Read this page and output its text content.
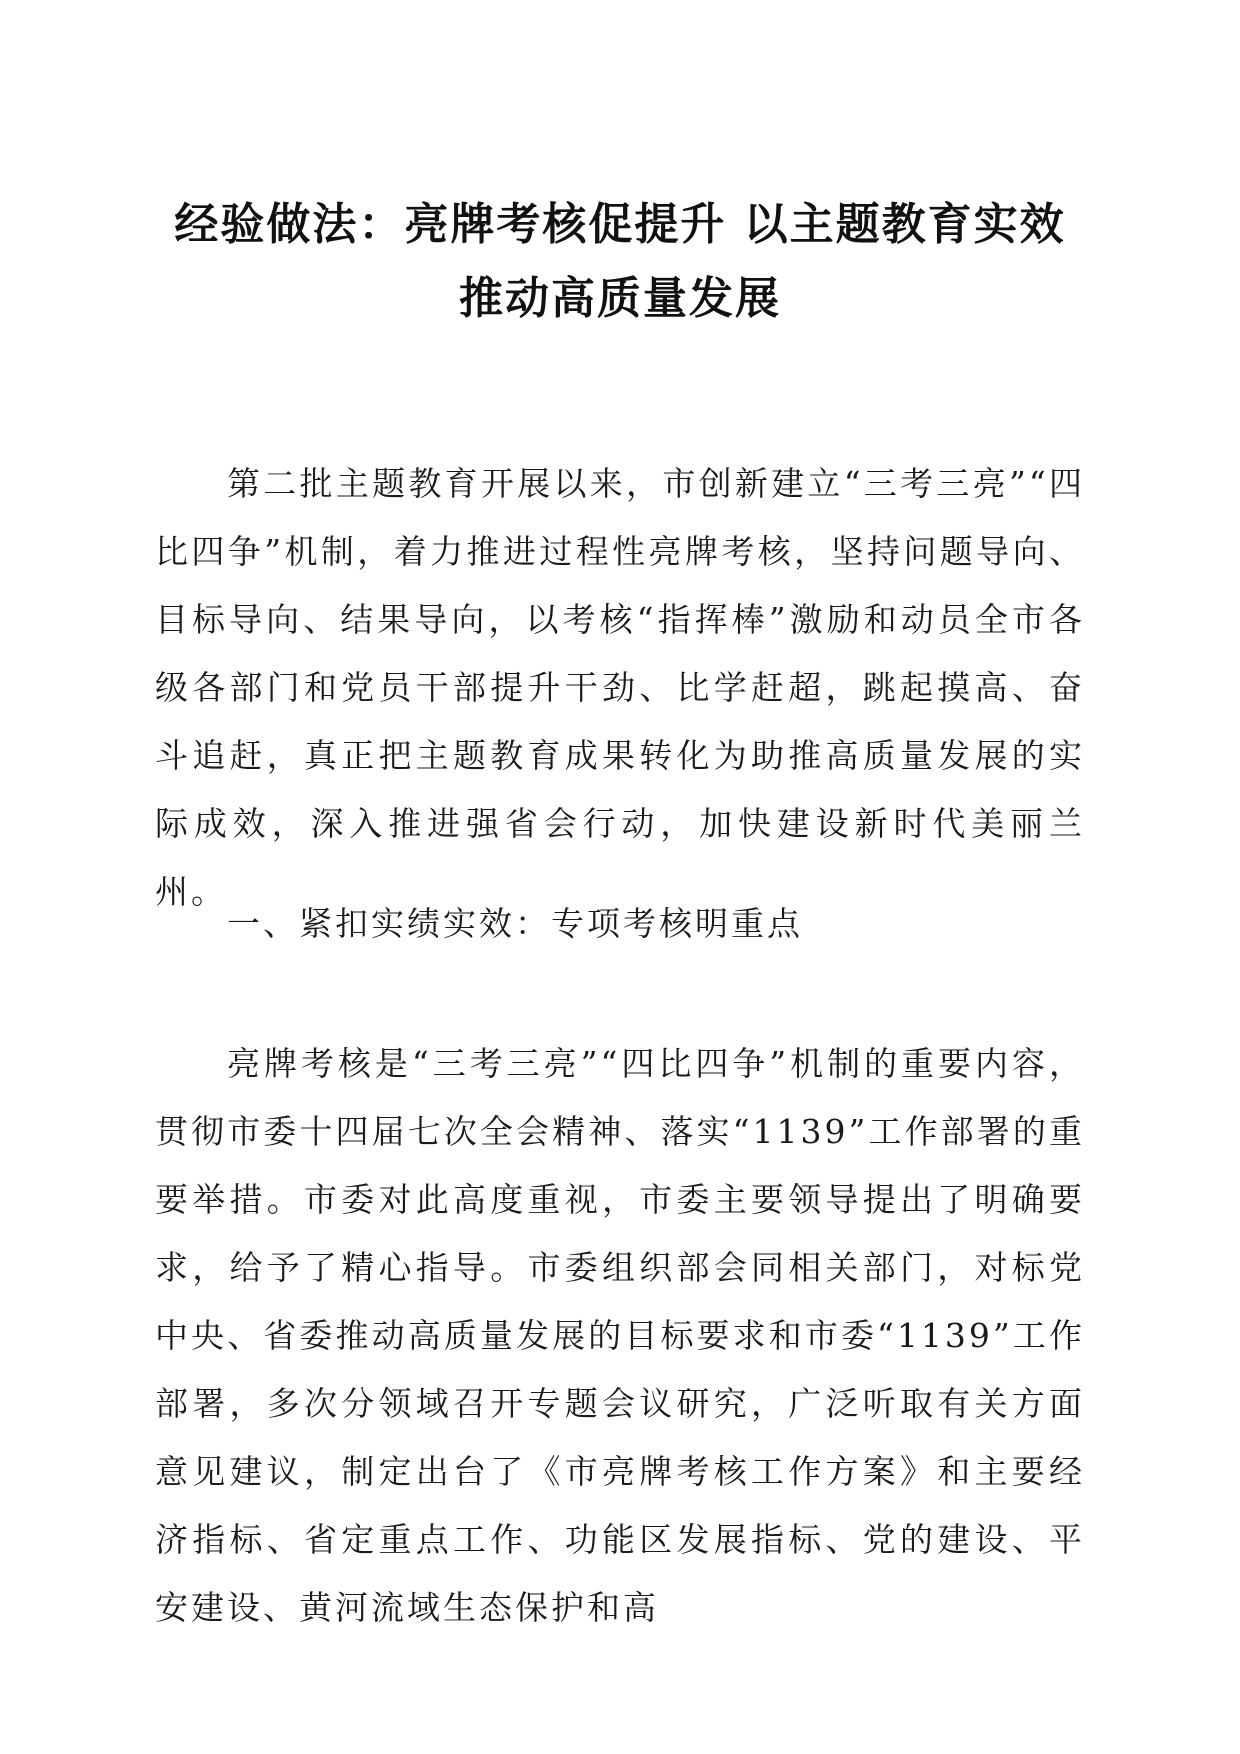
经验做法：亮牌考核促提升 以主题教育实效
推动高质量发展

第二批主题教育开展以来，市创新建立“三考三亮”“四比四争”机制，着力推进过程性亮牌考核，坚持问题导向、目标导向、结果导向，以考核“指挥棒”激励和动员全市各级各部门和党员干部提升干劲、比学赶超，跳起摸高、奋斗追赶，真正把主题教育成果转化为助推高质量发展的实际成效，深入推进强省会行动，加快建设新时代美丽兰州。

一、紧扣实绩实效：专项考核明重点

亮牌考核是“三考三亮”“四比四争”机制的重要内容，贯彻市委十四届七次全会精神、落实“1139”工作部署的重要举措。市委对此高度重视，市委主要领导提出了明确要求，给予了精心指导。市委组织部会同相关部门，对标党中央、省委推动高质量发展的目标要求和市委“1139”工作部署，多次分领域召开专题会议研究，广泛听取有关方面意见建议，制定出台了《市亮牌考核工作方案》和主要经济指标、省定重点工作、功能区发展指标、党的建设、平安建设、黄河流域生态保护和高
